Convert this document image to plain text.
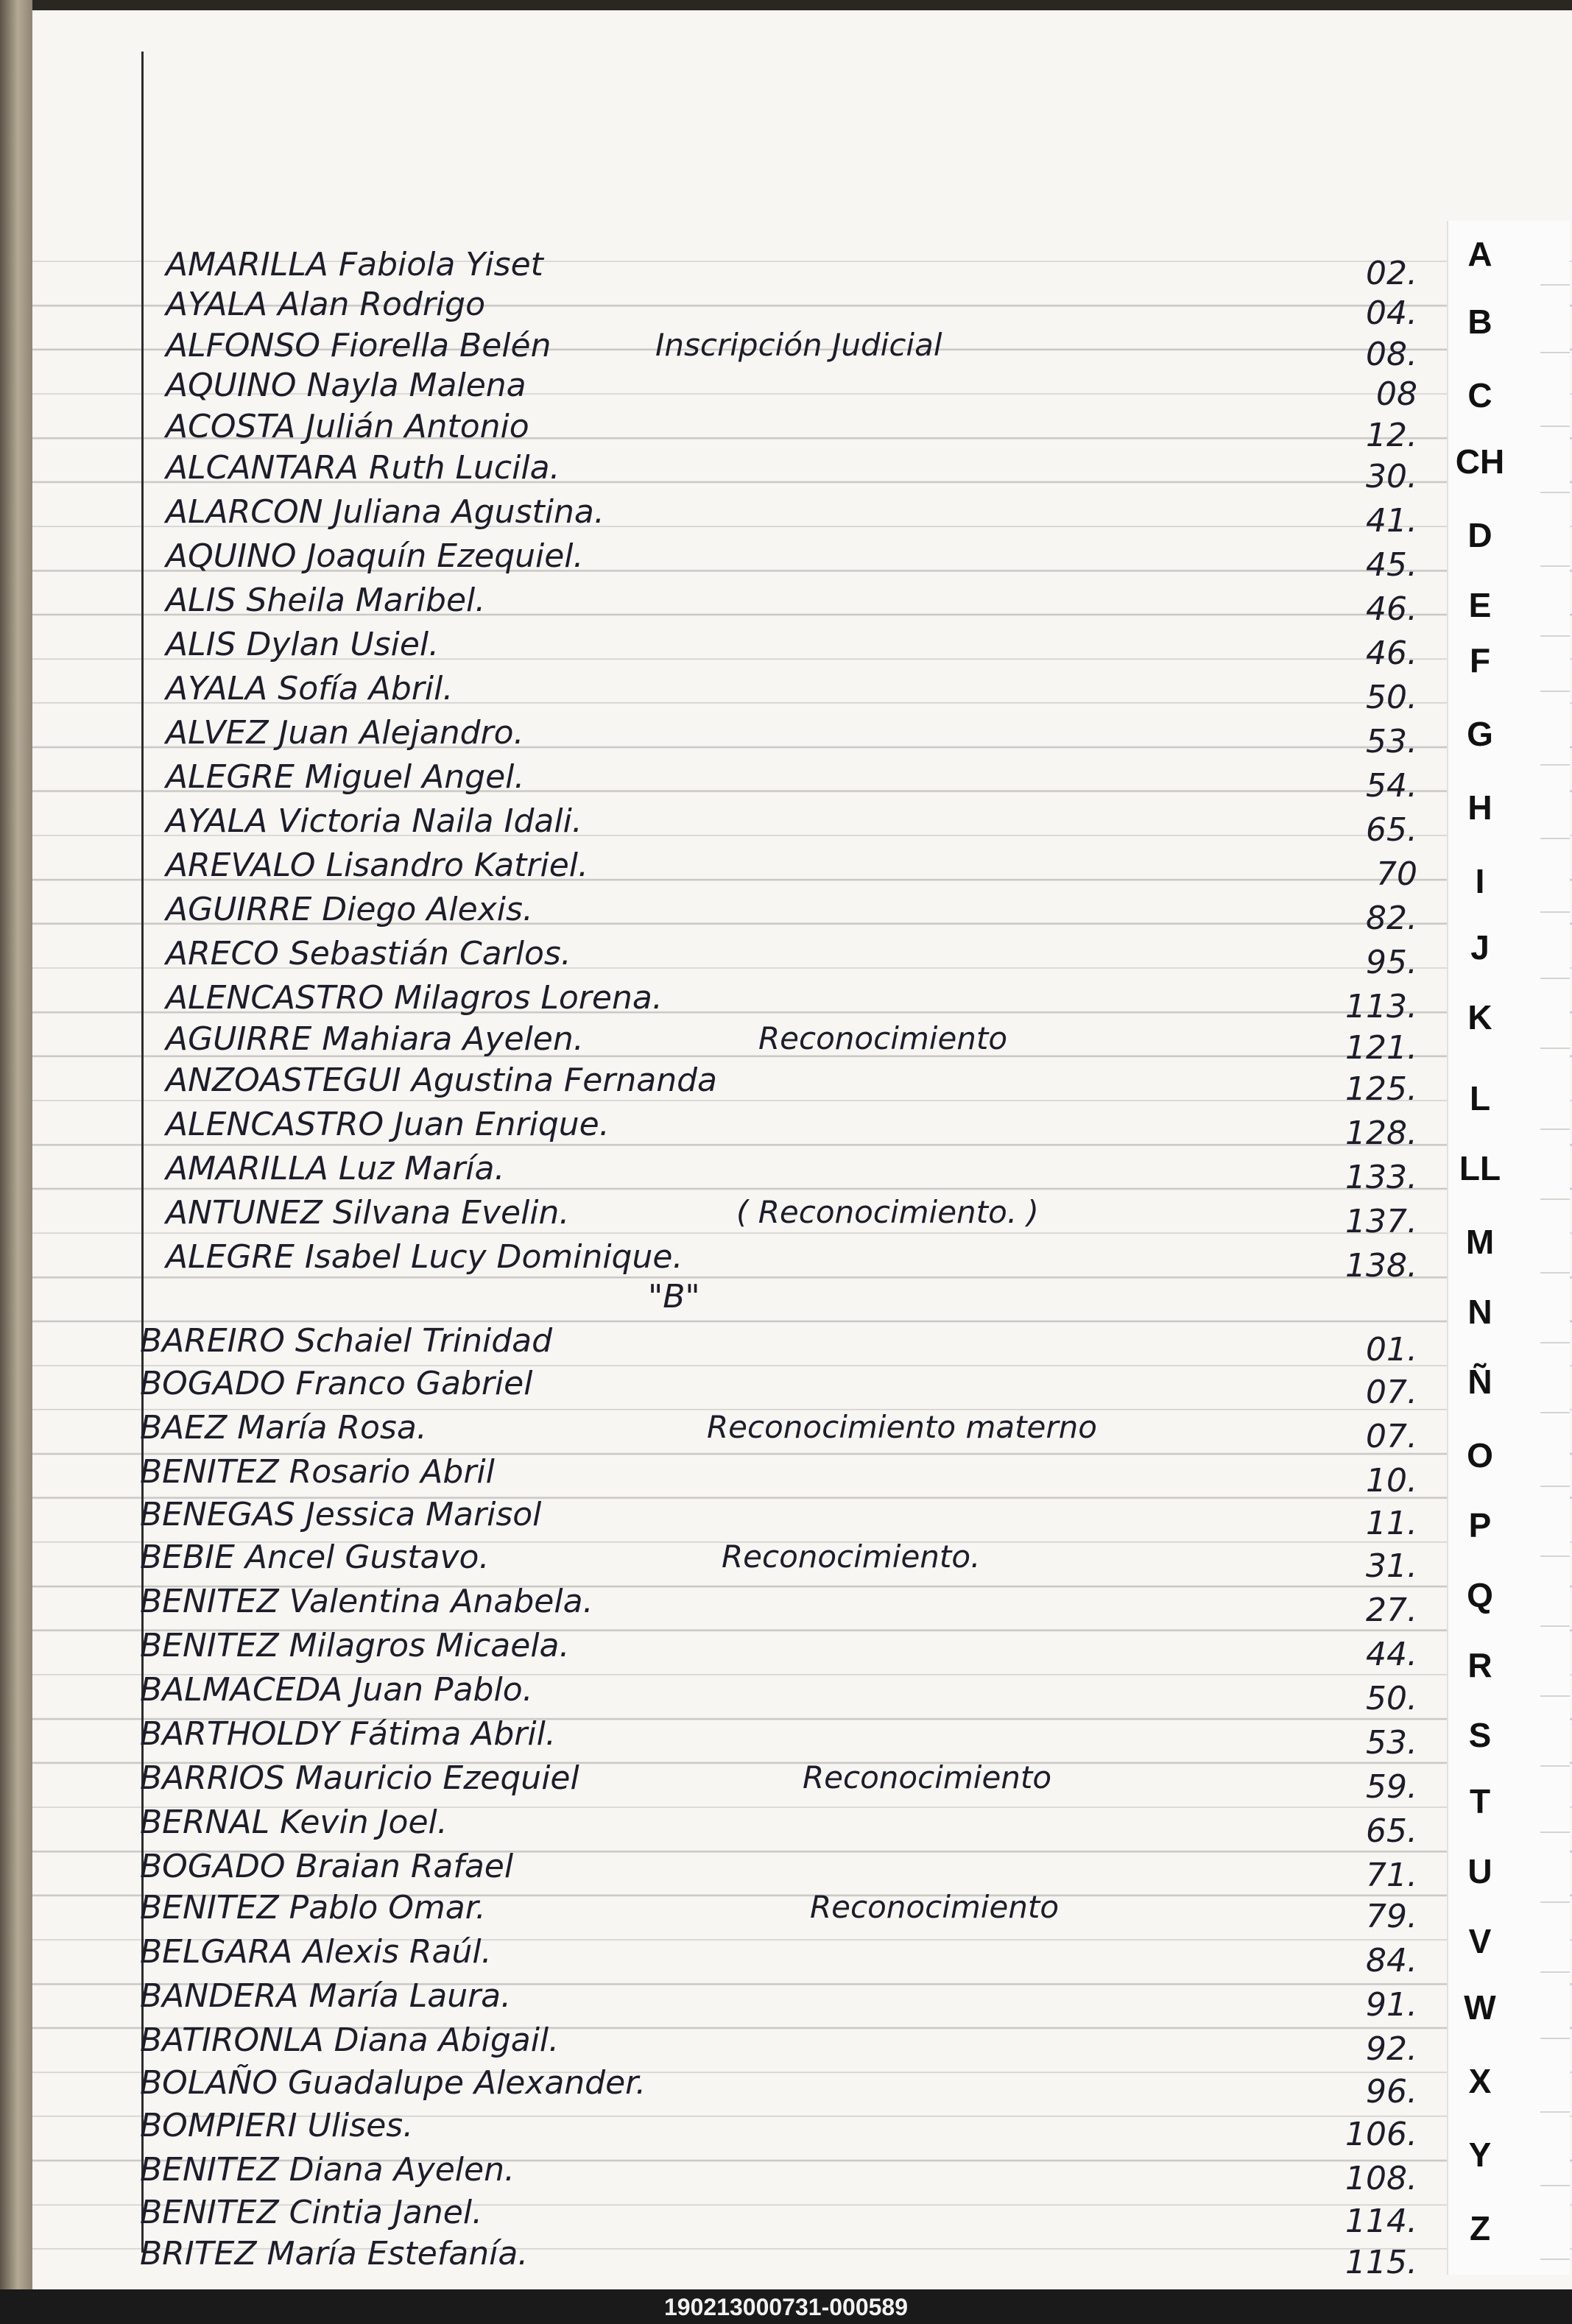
A
B
C
CH
D
E
F
G
H
I
J
K
L
LL
M
N
Ñ
O
P
Q
R
S
T
U
V
W
X
Y
Z
AMARILLA Fabiola Yiset	02.
AYALA Alan Rodrigo	04.
ALFONSO Fiorella Belén	Inscripción Judicial	08.
AQUINO Nayla Malena	08
ACOSTA Julián Antonio	12.
ALCANTARA Ruth Lucila.	30.
ALARCON Juliana Agustina.	41.
AQUINO Joaquín Ezequiel.	45.
ALIS Sheila Maribel.	46.
ALIS Dylan Usiel.	46.
AYALA Sofía Abril.	50.
ALVEZ Juan Alejandro.	53.
ALEGRE Miguel Angel.	54.
AYALA Victoria Naila Idali.	65.
AREVALO Lisandro Katriel.	70
AGUIRRE Diego Alexis.	82.
ARECO Sebastián Carlos.	95.
ALENCASTRO Milagros Lorena.	113.
AGUIRRE Mahiara Ayelen.	Reconocimiento	121.
ANZOASTEGUI Agustina Fernanda	125.
ALENCASTRO Juan Enrique.	128.
AMARILLA Luz María.	133.
ANTUNEZ Silvana Evelin.	( Reconocimiento. )	137.
ALEGRE Isabel Lucy Dominique.	138.
BAREIRO Schaiel Trinidad	01.
BOGADO Franco Gabriel	07.
BAEZ María Rosa.	Reconocimiento materno	07.
BENITEZ Rosario Abril	10.
BENEGAS Jessica Marisol	11.
BEBIE Ancel Gustavo.	Reconocimiento.	31.
BENITEZ Valentina Anabela.	27.
BENITEZ Milagros Micaela.	44.
BALMACEDA Juan Pablo.	50.
BARTHOLDY Fátima Abril.	53.
BARRIOS Mauricio Ezequiel	Reconocimiento	59.
BERNAL Kevin Joel.	65.
BOGADO Braian Rafael	71.
BENITEZ Pablo Omar.	Reconocimiento	79.
BELGARA Alexis Raúl.	84.
BANDERA María Laura.	91.
BATIRONLA Diana Abigail.	92.
BOLAÑO Guadalupe Alexander.	96.
BOMPIERI Ulises.	106.
BENITEZ Diana Ayelen.	108.
BENITEZ Cintia Janel.	114.
BRITEZ María Estefanía.	115.
"B"
190213000731-000589
